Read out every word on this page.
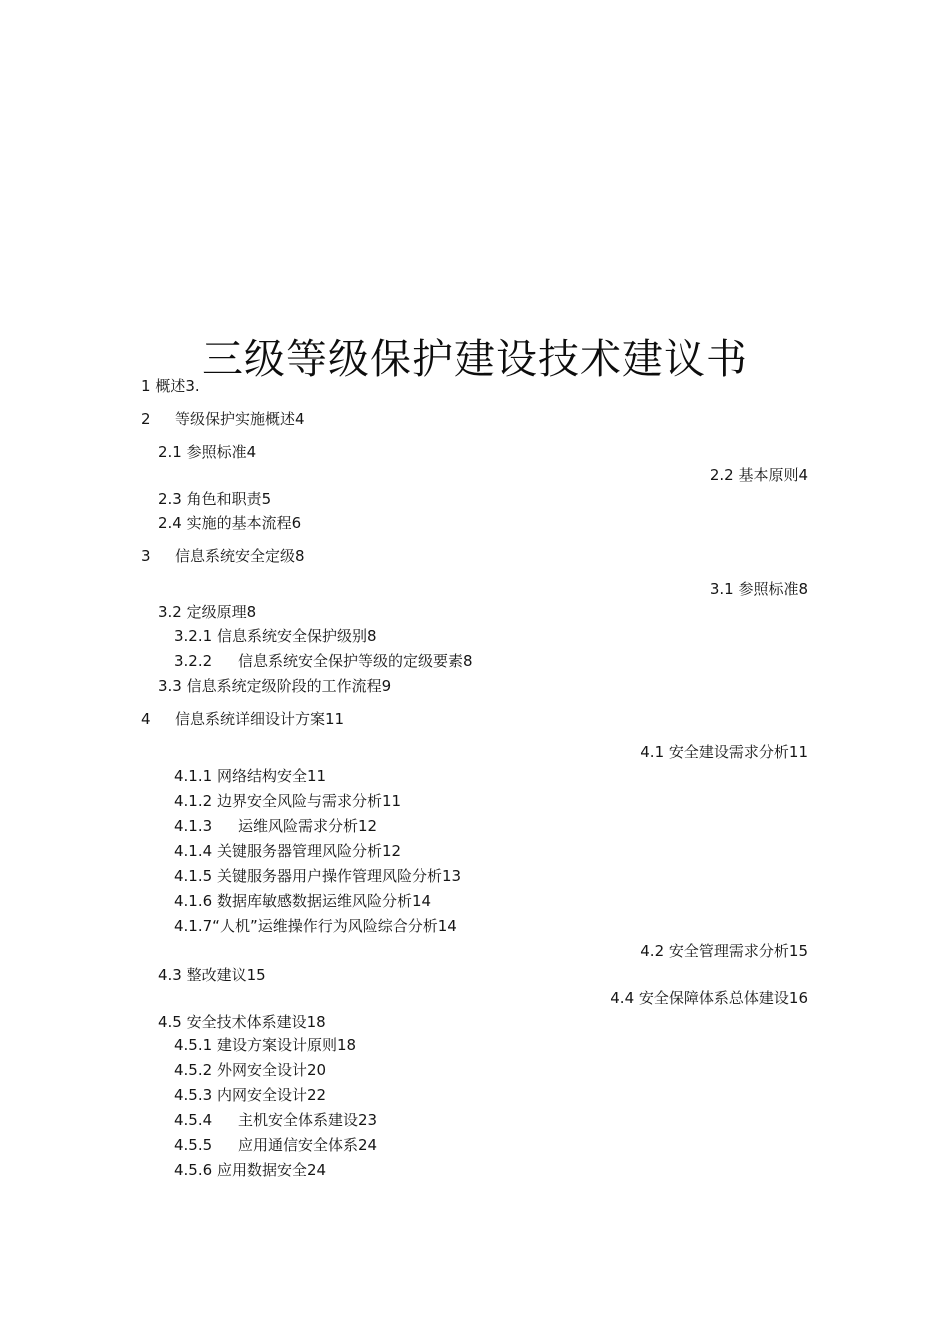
三级等级保护建设技术建议书
1 概述3.
2 等级保护实施概述4
2.1 参照标准4
2.2 基本原则4
2.3 角色和职责5
2.4 实施的基本流程6
3 信息系统安全定级8
3.1 参照标准8
3.2 定级原理8
3.2.1 信息系统安全保护级别8
3.2.2 信息系统安全保护等级的定级要素8
3.3 信息系统定级阶段的工作流程9
4 信息系统详细设计方案11
4.1 安全建设需求分析11
4.1.1 网络结构安全11
4.1.2 边界安全风险与需求分析11
4.1.3 运维风险需求分析12
4.1.4 关键服务器管理风险分析12
4.1.5 关键服务器用户操作管理风险分析13
4.1.6 数据库敏感数据运维风险分析14
4.1.7“人机”运维操作行为风险综合分析14
4.2 安全管理需求分析15
4.3 整改建议15
4.4 安全保障体系总体建设16
4.5 安全技术体系建设18
4.5.1 建设方案设计原则18
4.5.2 外网安全设计20
4.5.3 内网安全设计22
4.5.4 主机安全体系建设23
4.5.5 应用通信安全体系24
4.5.6 应用数据安全24
